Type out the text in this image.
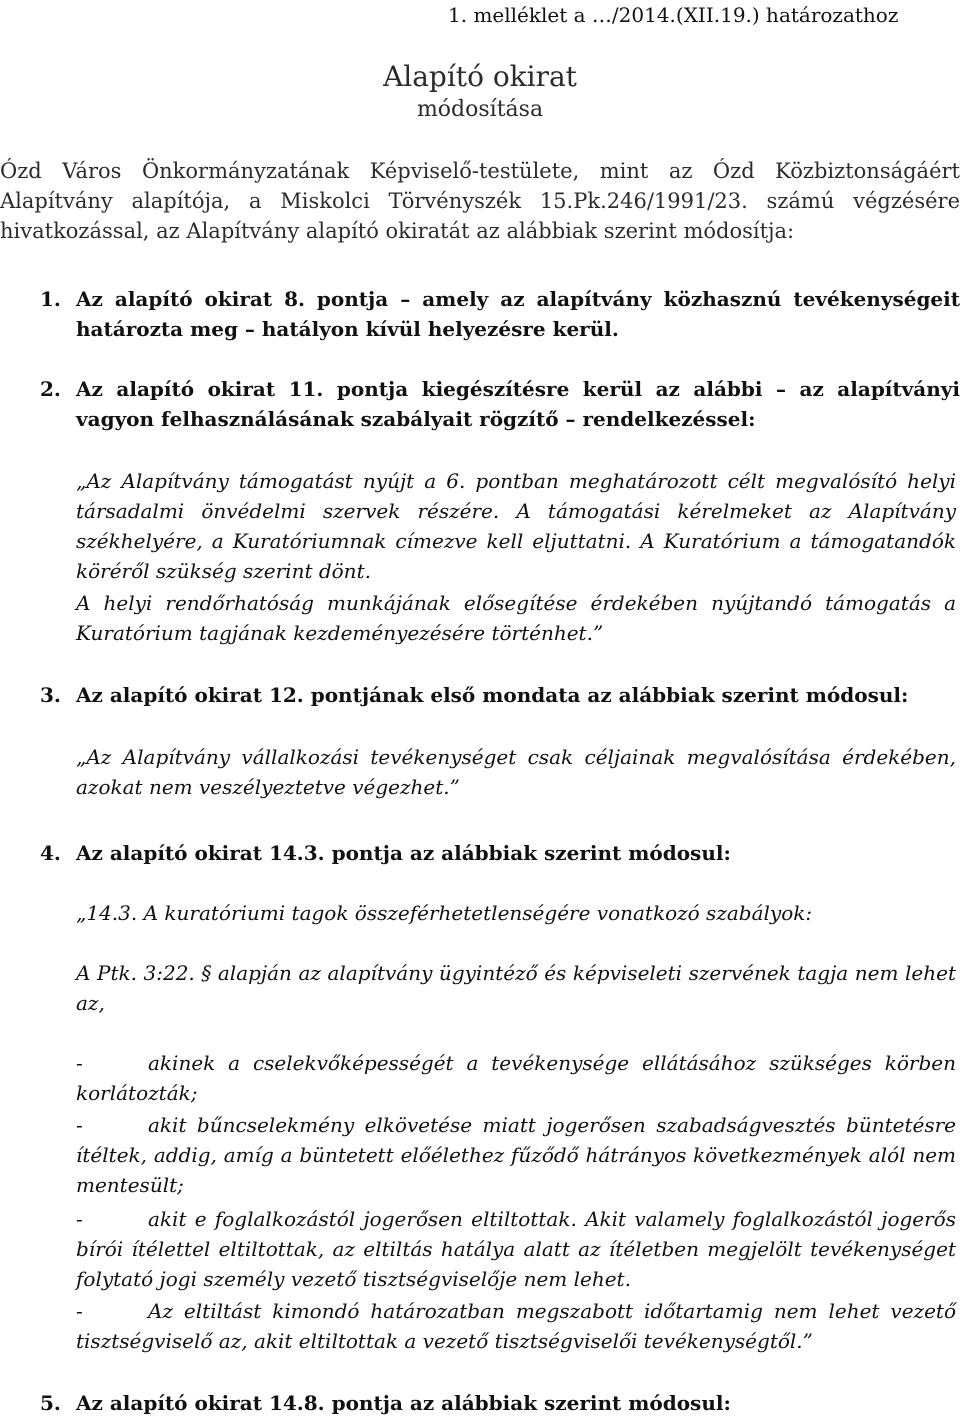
1. melléklet a …/2014.(XII.19.) határozathoz

Alapító okirat

módosítása

Ózd Város Önkormányzatának Képviselő-testülete, mint az Ózd Közbiztonságáért Alapítvány alapítója, a Miskolci Törvényszék 15.Pk.246/1991/23. számú végzésére hivatkozással, az Alapítvány alapító okiratát az alábbiak szerint módosítja:

1. Az alapító okirat 8. pontja – amely az alapítvány közhasznú tevékenységeit határozta meg – hatályon kívül helyezésre kerül.
2. Az alapító okirat 11. pontja kiegészítésre kerül az alábbi – az alapítványi vagyon felhasználásának szabályait rögzítő – rendelkezéssel:

„Az Alapítvány támogatást nyújt a 6. pontban meghatározott célt megvalósító helyi társadalmi önvédelmi szervek részére. A támogatási kérelmeket az Alapítvány székhelyére, a Kuratóriumnak címezve kell eljuttatni. A Kuratórium a támogatandók köréről szükség szerint dönt.

A helyi rendőrhatóság munkájának elősegítése érdekében nyújtandó támogatás a Kuratórium tagjának kezdeményezésére történhet.”

3. Az alapító okirat 12. pontjának első mondata az alábbiak szerint módosul:

„Az Alapítvány vállalkozási tevékenységet csak céljainak megvalósítása érdekében, azokat nem veszélyeztetve végezhet.”

4. Az alapító okirat 14.3. pontja az alábbiak szerint módosul:

„14.3. A kuratóriumi tagok összeférhetetlenségére vonatkozó szabályok:

A Ptk. 3:22. § alapján az alapítvány ügyintéző és képviseleti szervének tagja nem lehet az,

-	akinek a cselekvőképességét a tevékenysége ellátásához szükséges körben korlátozták;
-	akit bűncselekmény elkövetése miatt jogerősen szabadságvesztés büntetésre ítéltek, addig, amíg a büntetett előélethez fűződő hátrányos következmények alól nem mentesült;
-	akit e foglalkozástól jogerősen eltiltottak. Akit valamely foglalkozástól jogerős bírói ítélettel eltiltottak, az eltiltás hatálya alatt az ítéletben megjelölt tevékenységet folytató jogi személy vezető tisztségviselője nem lehet.
-	Az eltiltást kimondó határozatban megszabott időtartamig nem lehet vezető tisztségviselő az, akit eltiltottak a vezető tisztségviselői tevékenységtől.”
5. Az alapító okirat 14.8. pontja az alábbiak szerint módosul:
